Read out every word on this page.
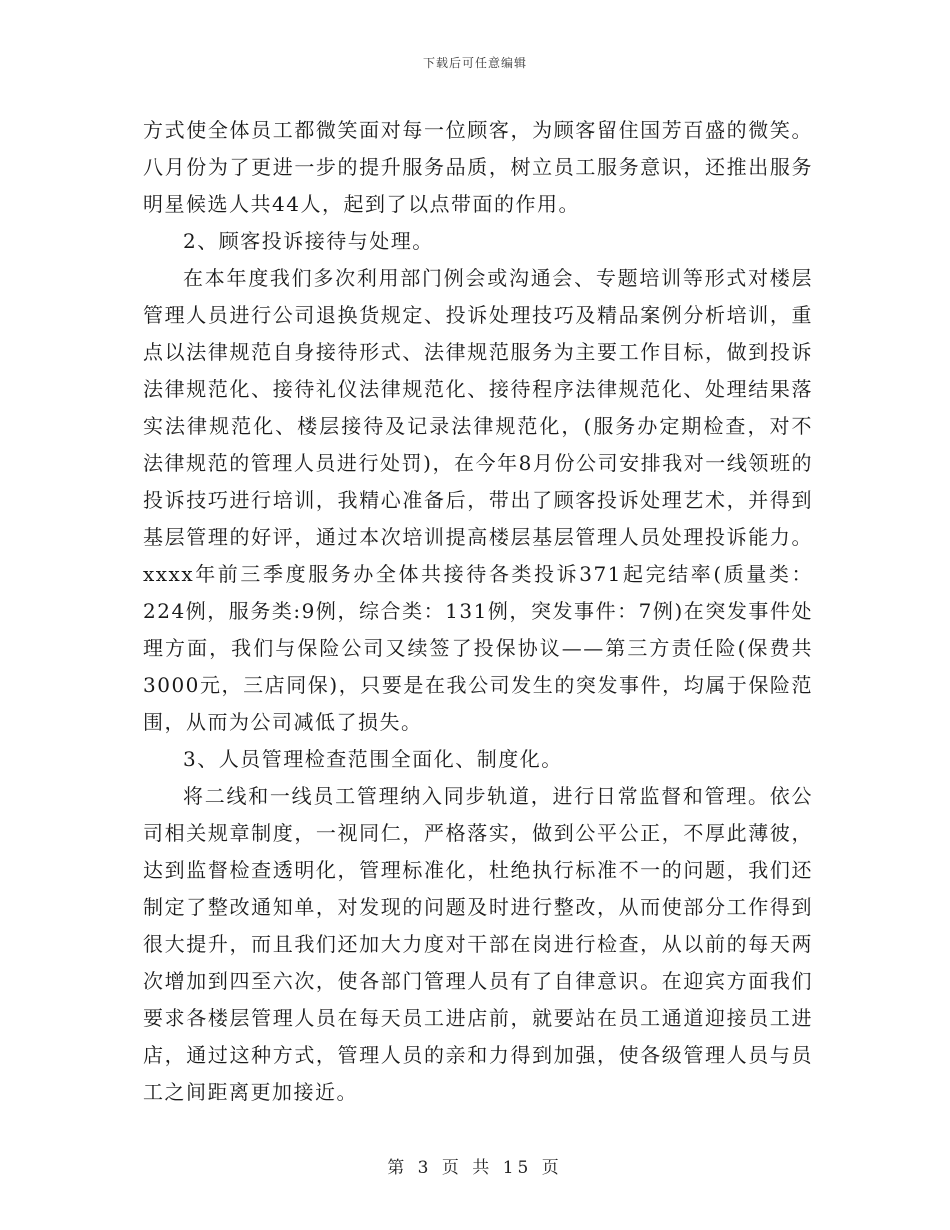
下载后可任意编辑

方式使全体员工都微笑面对每一位顾客，为顾客留住国芳百盛的微笑。八月份为了更进一步的提升服务品质，树立员工服务意识，还推出服务明星候选人共44人，起到了以点带面的作用。

2、顾客投诉接待与处理。

在本年度我们多次利用部门例会或沟通会、专题培训等形式对楼层管理人员进行公司退换货规定、投诉处理技巧及精品案例分析培训，重点以法律规范自身接待形式、法律规范服务为主要工作目标，做到投诉法律规范化、接待礼仪法律规范化、接待程序法律规范化、处理结果落实法律规范化、楼层接待及记录法律规范化，(服务办定期检查，对不法律规范的管理人员进行处罚)，在今年8月份公司安排我对一线领班的投诉技巧进行培训，我精心准备后，带出了顾客投诉处理艺术，并得到基层管理的好评，通过本次培训提高楼层基层管理人员处理投诉能力。xxxx年前三季度服务办全体共接待各类投诉371起完结率(质量类：224例，服务类:9例，综合类：131例，突发事件：7例)在突发事件处理方面，我们与保险公司又续签了投保协议——第三方责任险(保费共3000元，三店同保)，只要是在我公司发生的突发事件，均属于保险范围，从而为公司减低了损失。

3、人员管理检查范围全面化、制度化。

将二线和一线员工管理纳入同步轨道，进行日常监督和管理。依公司相关规章制度，一视同仁，严格落实，做到公平公正，不厚此薄彼，达到监督检查透明化，管理标准化，杜绝执行标准不一的问题，我们还制定了整改通知单，对发现的问题及时进行整改，从而使部分工作得到很大提升，而且我们还加大力度对干部在岗进行检查，从以前的每天两次增加到四至六次，使各部门管理人员有了自律意识。在迎宾方面我们要求各楼层管理人员在每天员工进店前，就要站在员工通道迎接员工进店，通过这种方式，管理人员的亲和力得到加强，使各级管理人员与员工之间距离更加接近。

第 3 页 共 15 页
